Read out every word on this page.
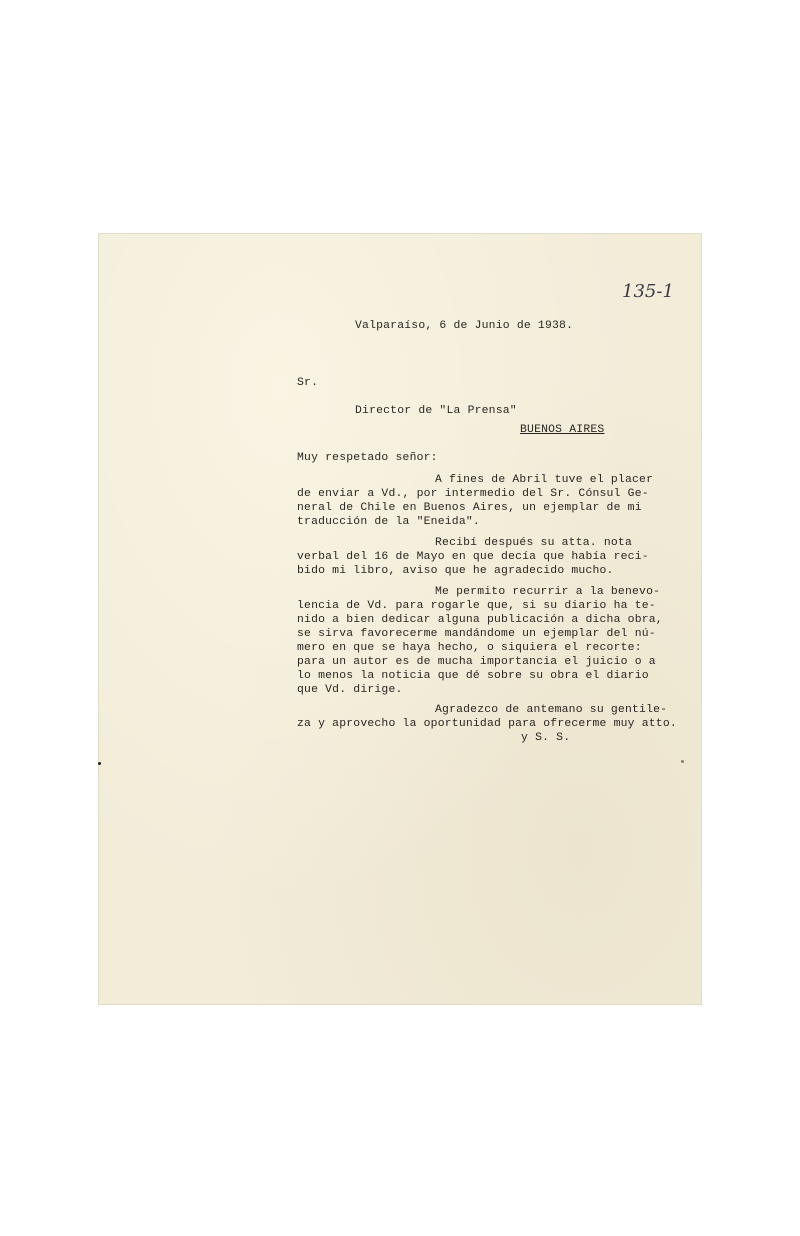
135-1
Valparaíso, 6 de Junio de 1938.
Sr.
Director de "La Prensa"
BUENOS AIRES
Muy respetado señor:
A fines de Abril tuve el placer
de enviar a Vd., por intermedio del Sr. Cónsul Ge-
neral de Chile en Buenos Aires, un ejemplar de mi
traducción de la "Eneida".
Recibí después su atta. nota
verbal del 16 de Mayo en que decía que había reci-
bido mi libro, aviso que he agradecido mucho.
Me permito recurrir a la benevo-
lencia de Vd. para rogarle que, si su diario ha te-
nido a bien dedicar alguna publicación a dicha obra,
se sirva favorecerme mandándome un ejemplar del nú-
mero en que se haya hecho, o siquiera el recorte:
para un autor es de mucha importancia el juicio o a
lo menos la noticia que dé sobre su obra el diario
que Vd. dirige.
Agradezco de antemano su gentile-
za y aprovecho la oportunidad para ofrecerme muy atto.
y S. S.
